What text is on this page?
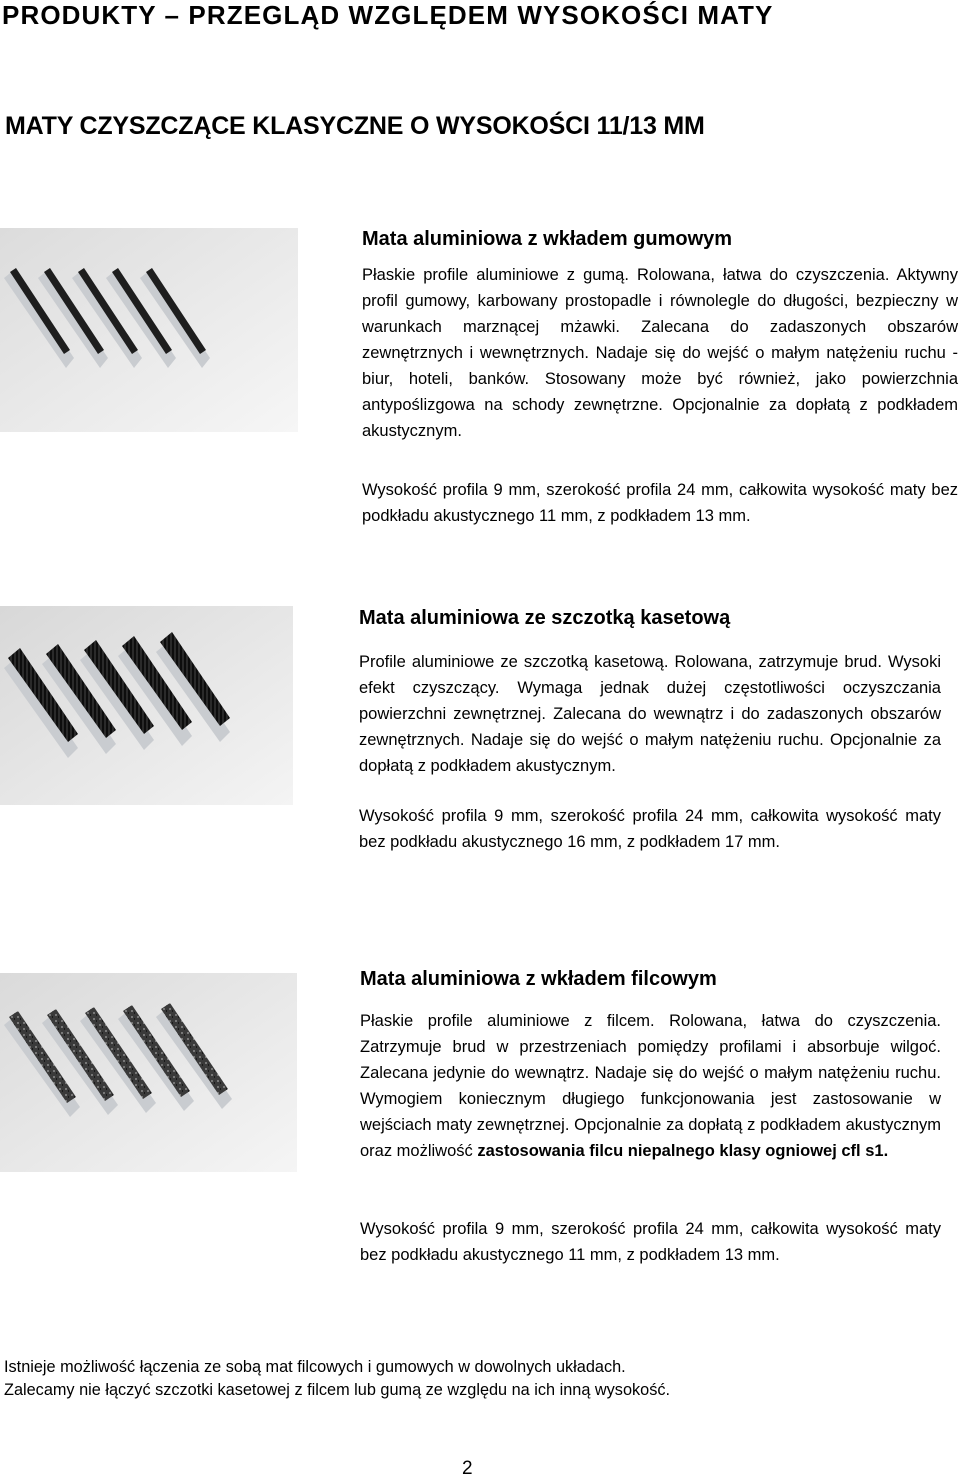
PRODUKTY – PRZEGLĄD WZGLĘDEM WYSOKOŚCI MATY
MATY CZYSZCZĄCE KLASYCZNE O WYSOKOŚCI 11/13 MM
Mata aluminiowa z wkładem gumowym
Płaskie profile aluminiowe z gumą. Rolowana, łatwa do czyszczenia. Aktywny profil gumowy, karbowany prostopadle i równolegle do długości, bezpieczny w warunkach marznącej mżawki. Zalecana do zadaszonych obszarów zewnętrznych i wewnętrznych. Nadaje się do wejść o małym natężeniu ruchu - biur, hoteli, banków. Stosowany może być również, jako powierzchnia antypoślizgowa na schody zewnętrzne. Opcjonalnie za dopłatą z podkładem akustycznym.
Wysokość profila 9 mm, szerokość profila 24 mm, całkowita wysokość maty bez podkładu akustycznego 11 mm, z podkładem 13 mm.
Mata aluminiowa ze szczotką kasetową
Profile aluminiowe ze szczotką kasetową. Rolowana, zatrzymuje brud. Wysoki efekt czyszczący. Wymaga jednak dużej częstotliwości oczyszczania powierzchni zewnętrznej. Zalecana do wewnątrz i do zadaszonych obszarów zewnętrznych. Nadaje się do wejść o małym natężeniu ruchu. Opcjonalnie za dopłatą z podkładem akustycznym.
Wysokość profila 9 mm, szerokość profila 24 mm, całkowita wysokość maty bez podkładu akustycznego 16 mm, z podkładem 17 mm.
Mata aluminiowa z wkładem filcowym
Płaskie profile aluminiowe z filcem. Rolowana, łatwa do czyszczenia. Zatrzymuje brud w przestrzeniach pomiędzy profilami i absorbuje wilgoć. Zalecana jedynie do wewnątrz. Nadaje się do wejść o małym natężeniu ruchu. Wymogiem koniecznym długiego funkcjonowania jest zastosowanie w wejściach maty zewnętrznej. Opcjonalnie za dopłatą z podkładem akustycznym oraz możliwość zastosowania filcu niepalnego klasy ogniowej cfl s1.
Wysokość profila 9 mm, szerokość profila 24 mm, całkowita wysokość maty bez podkładu akustycznego 11 mm, z podkładem 13 mm.
Istnieje możliwość łączenia ze sobą mat filcowych i gumowych w dowolnych układach.
Zalecamy nie łączyć szczotki kasetowej z filcem lub gumą ze względu na ich inną wysokość.
2
